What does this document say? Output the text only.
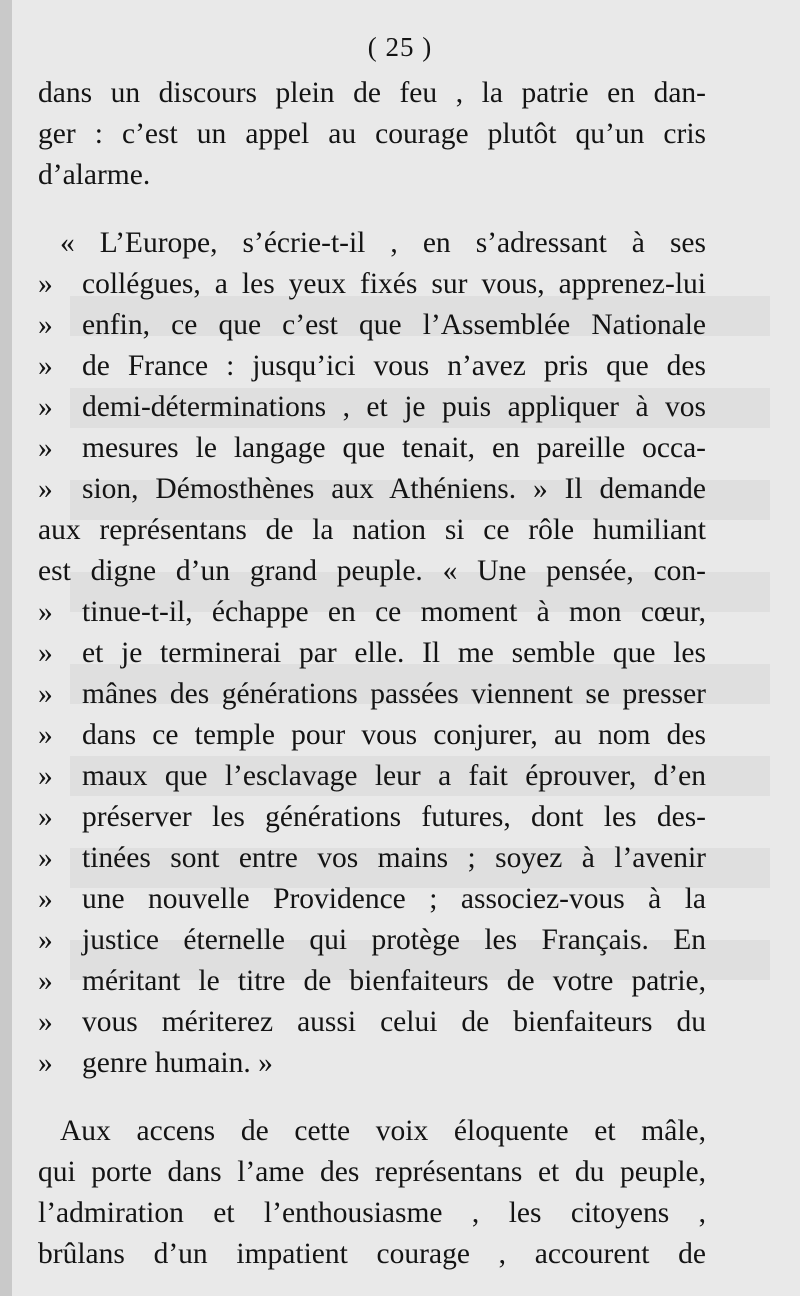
( 25 )
dans un discours plein de feu , la patrie en dan-
ger : c’est un appel au courage plutôt qu’un cris
d’alarme.
« L’Europe, s’écrie-t-il , en s’adressant à ses
» collégues, a les yeux fixés sur vous, apprenez-lui
» enfin, ce que c’est que l’Assemblée Nationale
» de France : jusqu’ici vous n’avez pris que des
» demi-déterminations , et je puis appliquer à vos
» mesures le langage que tenait, en pareille occa-
» sion, Démosthènes aux Athéniens. » Il demande
aux représentans de la nation si ce rôle humiliant
est digne d’un grand peuple. « Une pensée, con-
» tinue-t-il, échappe en ce moment à mon cœur,
» et je terminerai par elle. Il me semble que les
» mânes des générations passées viennent se presser
» dans ce temple pour vous conjurer, au nom des
» maux que l’esclavage leur a fait éprouver, d’en
» préserver les générations futures, dont les des-
» tinées sont entre vos mains ; soyez à l’avenir
» une nouvelle Providence ; associez-vous à la
» justice éternelle qui protège les Français. En
» méritant le titre de bienfaiteurs de votre patrie,
» vous mériterez aussi celui de bienfaiteurs du
» genre humain. »
Aux accens de cette voix éloquente et mâle,
qui porte dans l’ame des représentans et du peuple,
l’admiration et l’enthousiasme , les citoyens ,
brûlans d’un impatient courage , accourent de
